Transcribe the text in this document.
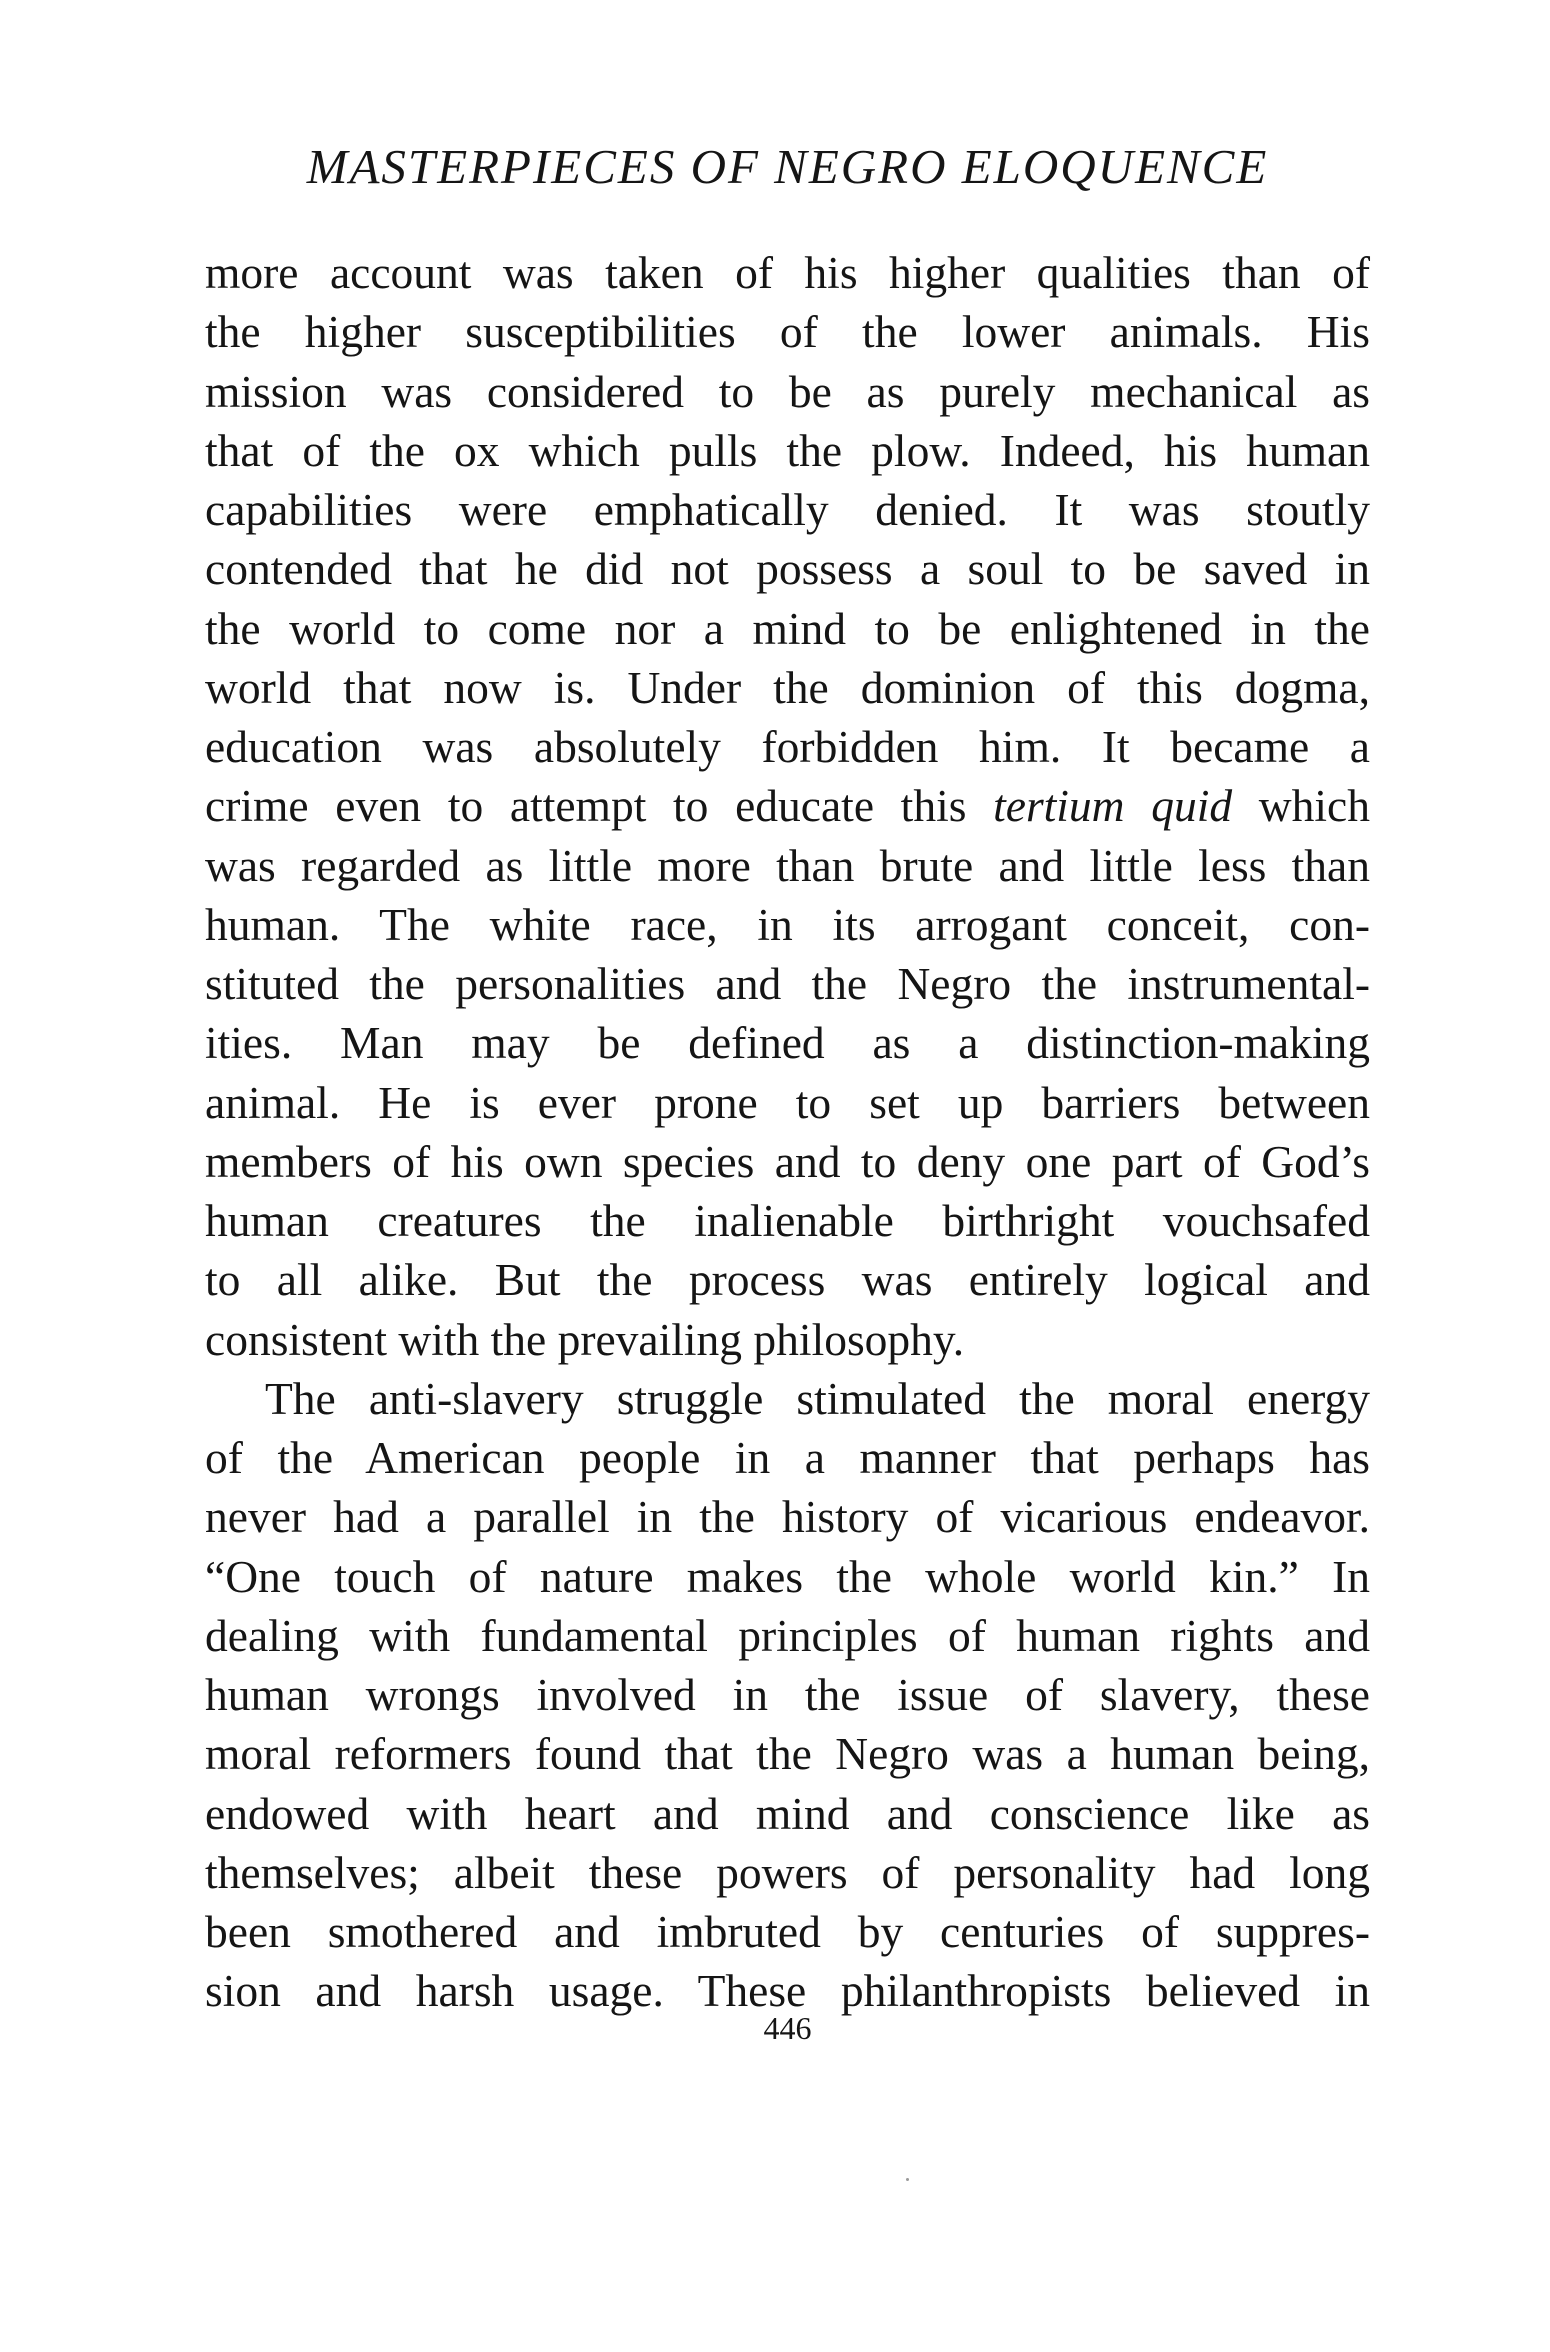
MASTERPIECES OF NEGRO ELOQUENCE
more account was taken of his higher qualities than of
the higher susceptibilities of the lower animals. His
mission was considered to be as purely mechanical as
that of the ox which pulls the plow. Indeed, his human
capabilities were emphatically denied. It was stoutly
contended that he did not possess a soul to be saved in
the world to come nor a mind to be enlightened in the
world that now is. Under the dominion of this dogma,
education was absolutely forbidden him. It became a
crime even to attempt to educate this tertium quid which
was regarded as little more than brute and little less than
human. The white race, in its arrogant conceit, con-
stituted the personalities and the Negro the instrumental-
ities. Man may be defined as a distinction-making
animal. He is ever prone to set up barriers between
members of his own species and to deny one part of God’s
human creatures the inalienable birthright vouchsafed
to all alike. But the process was entirely logical and
consistent with the prevailing philosophy.
The anti-slavery struggle stimulated the moral energy
of the American people in a manner that perhaps has
never had a parallel in the history of vicarious endeavor.
“One touch of nature makes the whole world kin.” In
dealing with fundamental principles of human rights and
human wrongs involved in the issue of slavery, these
moral reformers found that the Negro was a human being,
endowed with heart and mind and conscience like as
themselves; albeit these powers of personality had long
been smothered and imbruted by centuries of suppres-
sion and harsh usage. These philanthropists believed in
446
